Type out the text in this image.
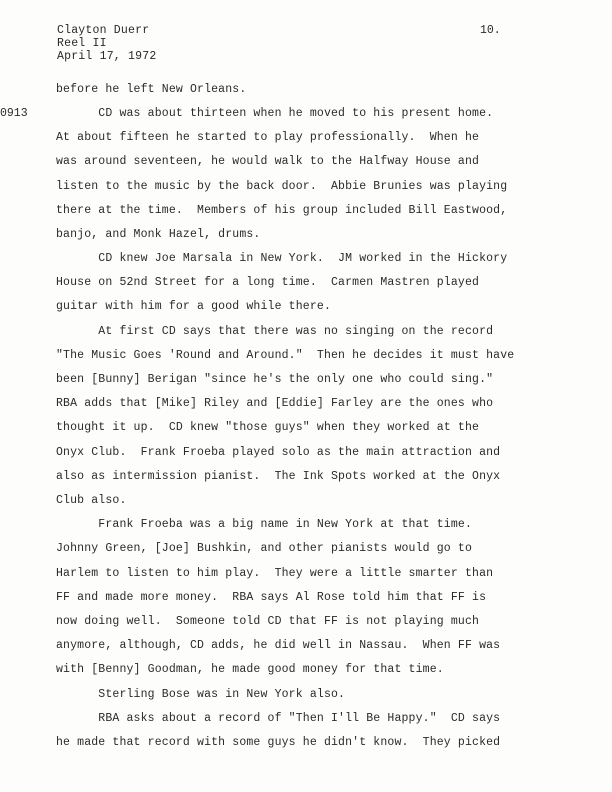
Clayton Duerr
Reel II
April 17, 1972
10.
0913
before he left New Orleans.
CD was about thirteen when he moved to his present home.
At about fifteen he started to play professionally.  When he
was around seventeen, he would walk to the Halfway House and
listen to the music by the back door.  Abbie Brunies was playing
there at the time.  Members of his group included Bill Eastwood,
banjo, and Monk Hazel, drums.
CD knew Joe Marsala in New York.  JM worked in the Hickory
House on 52nd Street for a long time.  Carmen Mastren played
guitar with him for a good while there.
At first CD says that there was no singing on the record
"The Music Goes 'Round and Around."  Then he decides it must have
been [Bunny] Berigan "since he's the only one who could sing."
RBA adds that [Mike] Riley and [Eddie] Farley are the ones who
thought it up.  CD knew "those guys" when they worked at the
Onyx Club.  Frank Froeba played solo as the main attraction and
also as intermission pianist.  The Ink Spots worked at the Onyx
Club also.
Frank Froeba was a big name in New York at that time.
Johnny Green, [Joe] Bushkin, and other pianists would go to
Harlem to listen to him play.  They were a little smarter than
FF and made more money.  RBA says Al Rose told him that FF is
now doing well.  Someone told CD that FF is not playing much
anymore, although, CD adds, he did well in Nassau.  When FF was
with [Benny] Goodman, he made good money for that time.
Sterling Bose was in New York also.
RBA asks about a record of "Then I'll Be Happy."  CD says
he made that record with some guys he didn't know.  They picked
